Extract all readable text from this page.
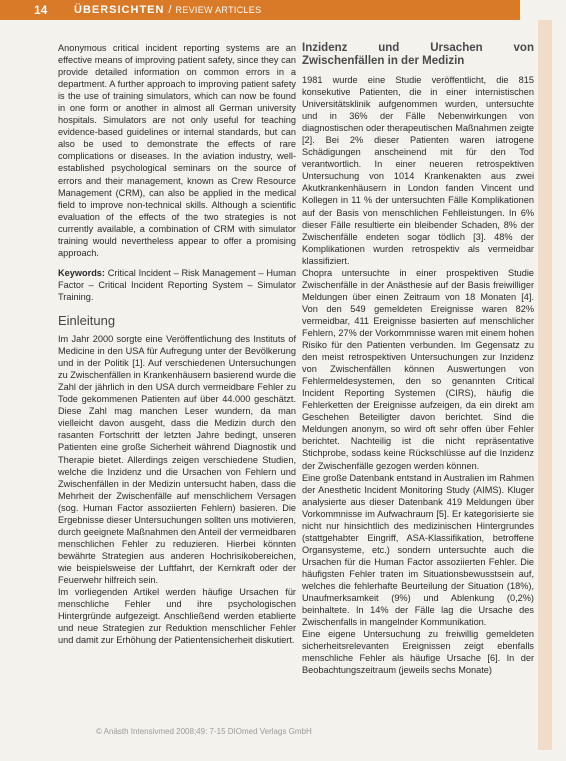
14	ÜBERSICHTEN / REVIEW ARTICLES

Anonymous critical incident reporting systems are an effective means of improving patient safety, since they can provide detailed information on common errors in a department. A further approach to improving patient safety is the use of training simulators, which can now be found in one form or another in almost all German university hospitals. Simulators are not only useful for teaching evidence-based guidelines or internal standards, but can also be used to demonstrate the effects of rare complications or diseases. In the aviation industry, well-established psychological seminars on the source of errors and their management, known as Crew Resource Management (CRM), can also be applied in the medical field to improve non-technical skills. Although a scientific evaluation of the effects of the two strategies is not currently available, a combination of CRM with simulator training would nevertheless appear to offer a promising approach.

Keywords: Critical Incident – Risk Management – Human Factor – Critical Incident Reporting System – Simulator Training.

Einleitung

Im Jahr 2000 sorgte eine Veröffentlichung des Instituts of Medicine in den USA für Aufregung unter der Bevölkerung und in der Politik [1]. Auf verschiedenen Untersuchungen zu Zwischenfällen in Krankenhäusern basierend wurde die Zahl der jährlich in den USA durch vermeidbare Fehler zu Tode gekommenen Patienten auf über 44.000 geschätzt. Diese Zahl mag manchen Leser wundern, da man vielleicht davon ausgeht, dass die Medizin durch den rasanten Fortschritt der letzten Jahre bedingt, unseren Patienten eine große Sicherheit während Diagnostik und Therapie bietet. Allerdings zeigen verschiedene Studien, welche die Inzidenz und die Ursachen von Fehlern und Zwischenfällen in der Medizin untersucht haben, dass die Mehrheit der Zwischenfälle auf menschlichem Versagen (sog. Human Factor assoziierten Fehlern) basieren. Die Ergebnisse dieser Untersuchungen sollten uns motivieren, durch geeignete Maßnahmen den Anteil der vermeidbaren menschlichen Fehler zu reduzieren. Hierbei könnten bewährte Strategien aus anderen Hochrisikobereichen, wie beispielsweise der Luftfahrt, der Kernkraft oder der Feuerwehr hilfreich sein.

Im vorliegenden Artikel werden häufige Ursachen für menschliche Fehler und ihre psychologischen Hintergründe aufgezeigt. Anschließend werden etablierte und neue Strategien zur Reduktion menschlicher Fehler und damit zur Erhöhung der Patientensicherheit diskutiert.

Inzidenz und Ursachen von Zwischenfällen in der Medizin

1981 wurde eine Studie veröffentlicht, die 815 konsekutive Patienten, die in einer internistischen Universitätsklinik aufgenommen wurden, untersuchte und in 36% der Fälle Nebenwirkungen von diagnostischen oder therapeutischen Maßnahmen zeigte [2]. Bei 2% dieser Patienten waren iatrogene Schädigungen anscheinend mit für den Tod verantwortlich. In einer neueren retrospektiven Untersuchung von 1014 Krankenakten aus zwei Akutkrankenhäusern in London fanden Vincent und Kollegen in 11 % der untersuchten Fälle Komplikationen auf der Basis von menschlichen Fehlleistungen. In 6% dieser Fälle resultierte ein bleibender Schaden, 8% der Zwischenfälle endeten sogar tödlich [3]. 48% der Komplikationen wurden retrospektiv als vermeidbar klassifiziert.

Chopra untersuchte in einer prospektiven Studie Zwischenfälle in der Anästhesie auf der Basis freiwilliger Meldungen über einen Zeitraum von 18 Monaten [4]. Von den 549 gemeldeten Ereignisse waren 82% vermeidbar, 411 Ereignisse basierten auf menschlicher Fehlern, 27% der Vorkommnisse waren mit einem hohen Risiko für den Patienten verbunden. Im Gegensatz zu den meist retrospektiven Untersuchungen zur Inzidenz von Zwischenfällen können Auswertungen von Fehlermeldesystemen, den so genannten Critical Incident Reporting Systemen (CIRS), häufig die Fehlerketten der Ereignisse aufzeigen, da ein direkt am Geschehen Beteiligter davon berichtet. Sind die Meldungen anonym, so wird oft sehr offen über Fehler berichtet. Nachteilig ist die nicht repräsentative Stichprobe, sodass keine Rückschlüsse auf die Inzidenz der Zwischenfälle gezogen werden können.

Eine große Datenbank entstand in Australien im Rahmen der Anesthetic Incident Monitoring Study (AIMS). Kluger analysierte aus dieser Datenbank 419 Meldungen über Vorkommnisse im Aufwachraum [5]. Er kategorisierte sie nicht nur hinsichtlich des medizinischen Hintergrundes (stattgehabter Eingriff, ASA-Klassifikation, betroffene Organsysteme, etc.) sondern untersuchte auch die Ursachen für die Human Factor assoziierten Fehler. Die häufigsten Fehler traten im Situationsbewusstsein auf, welches die fehlerhafte Beurteilung der Situation (18%), Unaufmerksamkeit (9%) und Ablenkung (0,2%) beinhaltete. In 14% der Fälle lag die Ursache des Zwischenfalls in mangelnder Kommunikation.

Eine eigene Untersuchung zu freiwillig gemeldeten sicherheitsrelevanten Ereignissen zeigt ebenfalls menschliche Fehler als häufige Ursache [6]. In der Beobachtungszeitraum (jeweils sechs Monate)

© Anästh Intensivmed 2008;49: 7-15 DIOmed Verlags GmbH
